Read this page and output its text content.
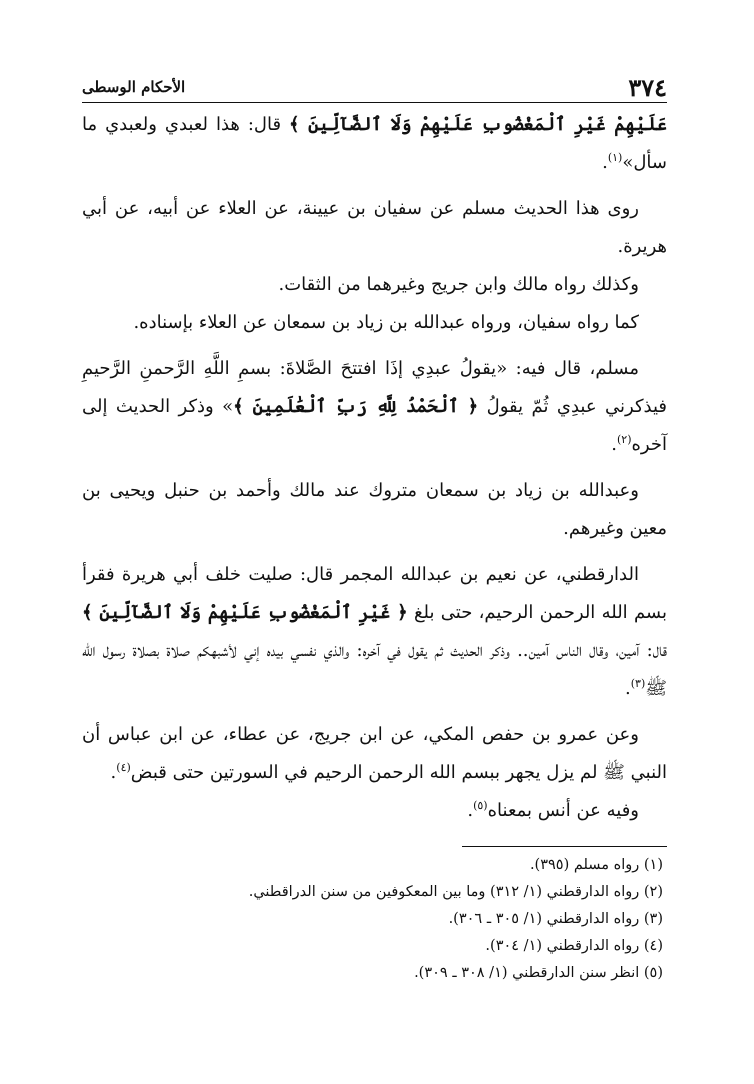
٣٧٤
الأحكام الوسطى

عَلَيْهِمْ غَيْرِ ٱلْمَغْضُوبِ عَلَيْهِمْ وَلَا ٱلضَّآلِّينَ ﴾ قال: هذا لعبدي ولعبدي ما سأل»$^{(١)}$.

روى هذا الحديث مسلم عن سفيان بن عيينة، عن العلاء عن أبيه، عن أبي هريرة.

وكذلك رواه مالك وابن جريج وغيرهما من الثقات.

كما رواه سفيان، ورواه عبدالله بن زياد بن سمعان عن العلاء بإسناده.

مسلم، قال فيه: «يقولُ عبدِي إذَا افتتحَ الصَّلاةَ: بسمِ اللَّهِ الرَّحمنِ الرَّحيمِ فيذكرني عبدِي ثُمّ يقولُ ﴿ ٱلْحَمْدُ لِلَّهِ رَبِّ ٱلْعَٰلَمِينَ ﴾» وذكر الحديث إلى آخره$^{(٢)}$.

وعبدالله بن زياد بن سمعان متروك عند مالك وأحمد بن حنبل ويحيى بن معين وغيرهم.

الدارقطني، عن نعيم بن عبدالله المجمر قال: صليت خلف أبي هريرة فقرأ بسم الله الرحمن الرحيم، حتى بلغ ﴿ غَيْرِ ٱلْمَغْضُوبِ عَلَيْهِمْ وَلَا ٱلضَّآلِّينَ ﴾ قال: آمين، وقال الناس آمين.. وذكر الحديث ثم يقول في آخره: والذي نفسي بيده إني لأشبهكم صلاة بصلاة رسول الله ﷺ$^{(٣)}$.

وعن عمرو بن حفص المكي، عن ابن جريج، عن عطاء، عن ابن عباس أن النبي ﷺ لم يزل يجهر ببسم الله الرحمن الرحيم في السورتين حتى قبض$^{(٤)}$.

وفيه عن أنس بمعناه$^{(٥)}$.

(١) رواه مسلم (٣٩٥).
(٢) رواه الدارقطني (١/ ٣١٢) وما بين المعكوفين من سنن الدراقطني.
(٣) رواه الدارقطني (١/ ٣٠٥ ـ ٣٠٦).
(٤) رواه الدارقطني (١/ ٣٠٤).
(٥) انظر سنن الدارقطني (١/ ٣٠٨ ـ ٣٠٩).
